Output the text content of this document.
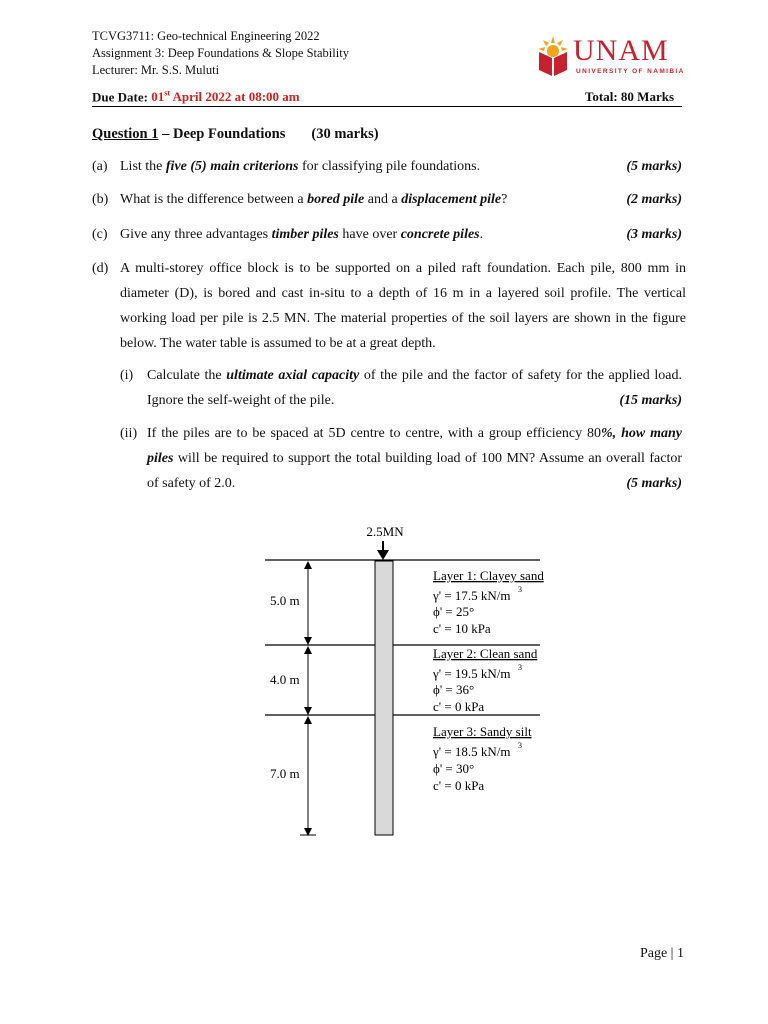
TCVG3711: Geo-technical Engineering 2022
Assignment 3: Deep Foundations & Slope Stability
Lecturer: Mr. S.S. Muluti
UNAM
UNIVERSITY OF NAMIBIA
Due Date: 01st April 2022 at 08:00 am	Total: 80 Marks
Question 1 – Deep Foundations (30 marks)
(a) List the five (5) main criterions for classifying pile foundations.	(5 marks)
(b) What is the difference between a bored pile and a displacement pile?	(2 marks)
(c) Give any three advantages timber piles have over concrete piles.	(3 marks)
(d) A multi-storey office block is to be supported on a piled raft foundation. Each pile, 800 mm in diameter (D), is bored and cast in-situ to a depth of 16 m in a layered soil profile. The vertical working load per pile is 2.5 MN. The material properties of the soil layers are shown in the figure below. The water table is assumed to be at a great depth.
(i) Calculate the ultimate axial capacity of the pile and the factor of safety for the applied load. Ignore the self-weight of the pile.	(15 marks)
(ii) If the piles are to be spaced at 5D centre to centre, with a group efficiency 80%, how many piles will be required to support the total building load of 100 MN? Assume an overall factor of safety of 2.0.	(5 marks)
2.5MN
5.0 m
4.0 m
7.0 m
Layer 1: Clayey sand
γ' = 17.5 kN/m 3
ϕ' = 25°
c' = 10 kPa
Layer 2: Clean sand
γ' = 19.5 kN/m 3
ϕ' = 36°
c' = 0 kPa
Layer 3: Sandy silt
γ' = 18.5 kN/m 3
ϕ' = 30°
c' = 0 kPa
Page | 1
